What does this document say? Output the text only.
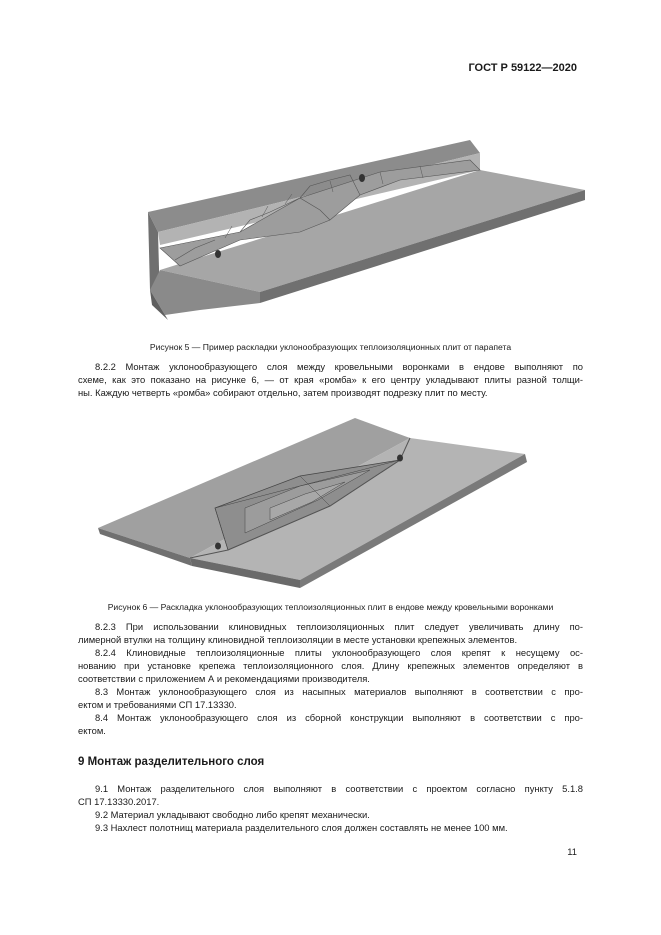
ГОСТ Р 59122—2020
Рисунок 5 — Пример раскладки уклонообразующих теплоизоляционных плит от парапета

8.2.2 Монтаж уклонообразующего слоя между кровельными воронками в ендове выполняют по
схеме, как это показано на рисунке 6, — от края «ромба» к его центру укладывают плиты разной толщи-
ны. Каждую четверть «ромба» собирают отдельно, затем производят подрезку плит по месту.

Рисунок 6 — Раскладка уклонообразующих теплоизоляционных плит в ендове между кровельными воронками

8.2.3 При использовании клиновидных теплоизоляционных плит следует увеличивать длину по-
лимерной втулки на толщину клиновидной теплоизоляции в месте установки крепежных элементов.

8.2.4 Клиновидные теплоизоляционные плиты уклонообразующего слоя крепят к несущему ос-
нованию при установке крепежа теплоизоляционного слоя. Длину крепежных элементов определяют в
соответствии с приложением А и рекомендациями производителя.

8.3 Монтаж уклонообразующего слоя из насыпных материалов выполняют в соответствии с про-
ектом и требованиями СП 17.13330.

8.4 Монтаж уклонообразующего слоя из сборной конструкции выполняют в соответствии с про-
ектом.

9 Монтаж разделительного слоя

9.1 Монтаж разделительного слоя выполняют в соответствии с проектом согласно пункту 5.1.8
СП 17.13330.2017.

9.2 Материал укладывают свободно либо крепят механически.

9.3 Нахлест полотнищ материала разделительного слоя должен составлять не менее 100 мм.

11
